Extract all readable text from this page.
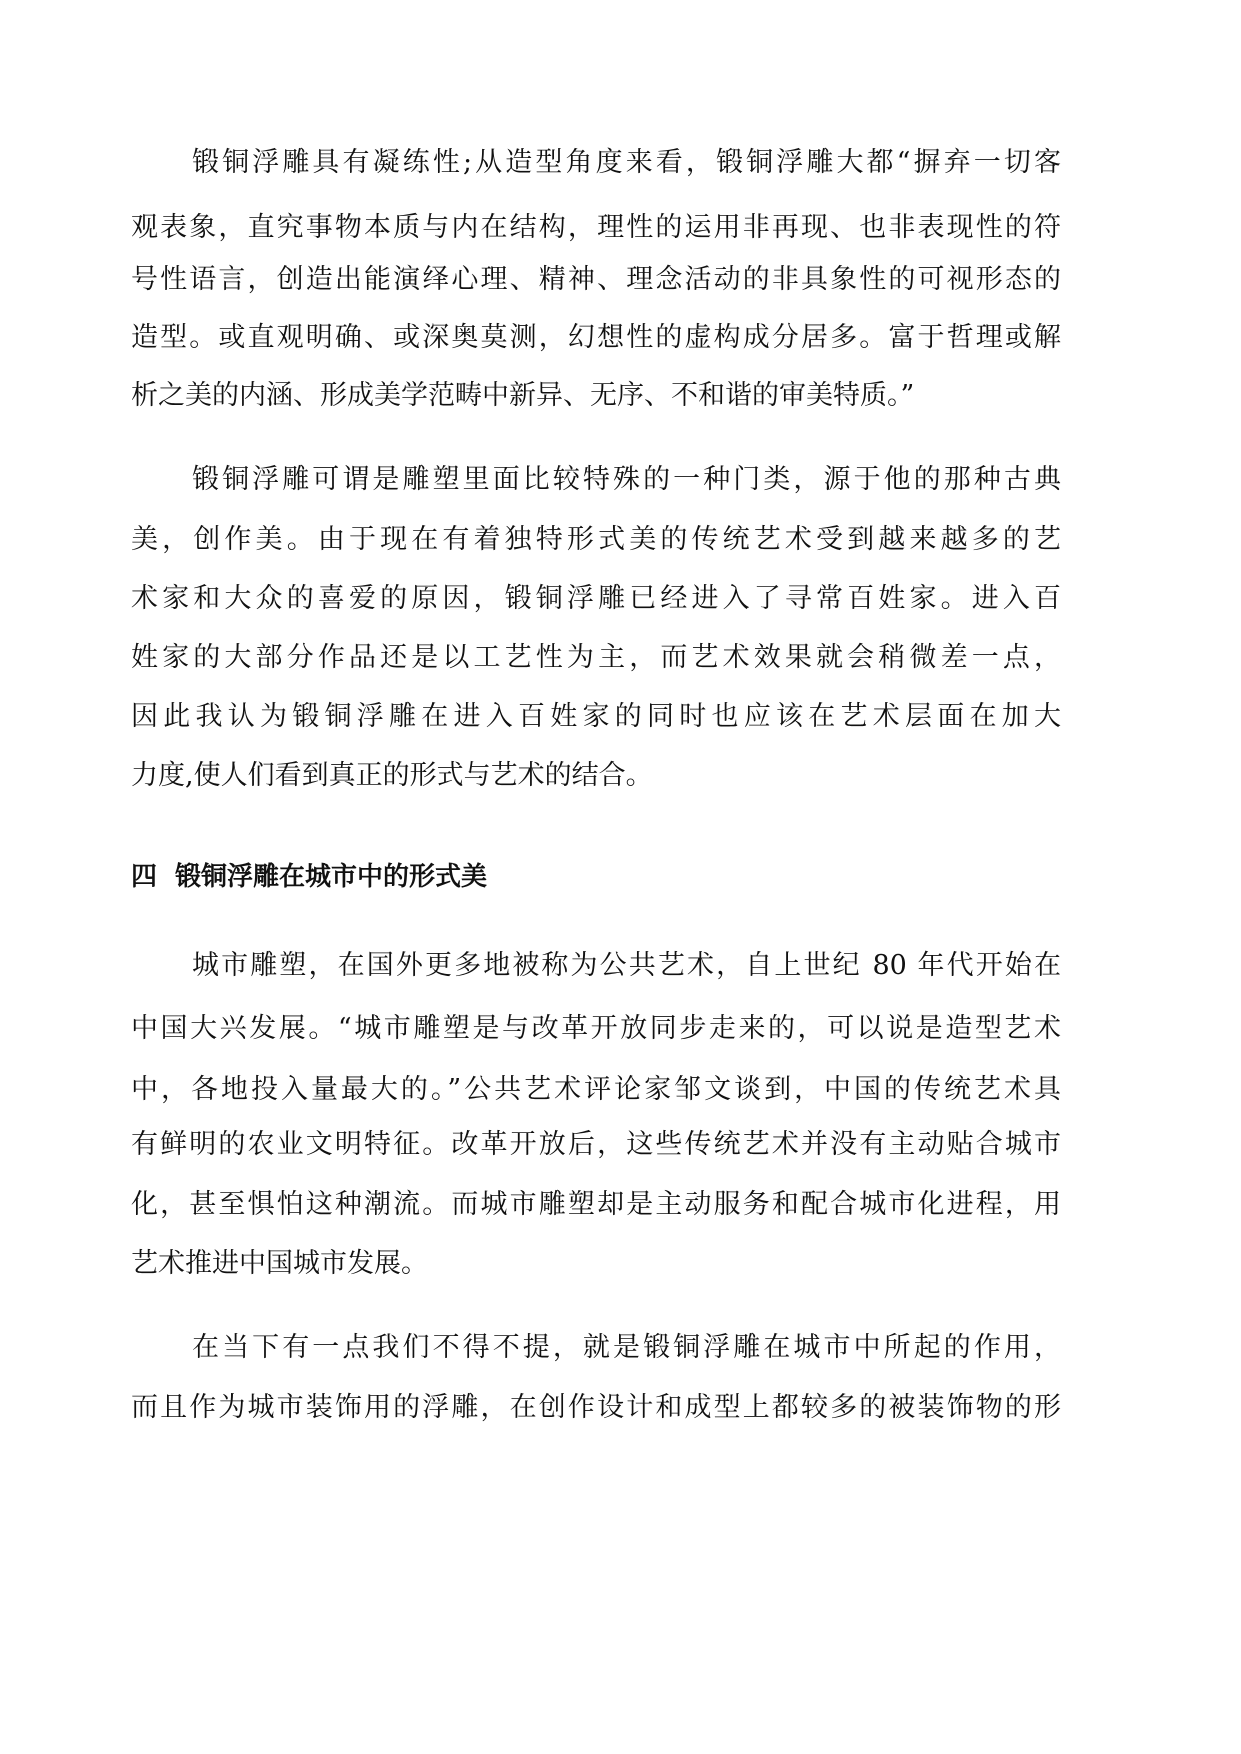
锻铜浮雕具有凝练性;从造型角度来看，锻铜浮雕大都“摒弃一切客
观表象，直究事物本质与内在结构，理性的运用非再现、也非表现性的符
号性语言，创造出能演绎心理、精神、理念活动的非具象性的可视形态的
造型。或直观明确、或深奥莫测，幻想性的虚构成分居多。富于哲理或解
析之美的内涵、形成美学范畴中新异、无序、不和谐的审美特质。”
锻铜浮雕可谓是雕塑里面比较特殊的一种门类，源于他的那种古典
美，创作美。由于现在有着独特形式美的传统艺术受到越来越多的艺
术家和大众的喜爱的原因，锻铜浮雕已经进入了寻常百姓家。进入百
姓家的大部分作品还是以工艺性为主，而艺术效果就会稍微差一点，
因此我认为锻铜浮雕在进入百姓家的同时也应该在艺术层面在加大
力度,使人们看到真正的形式与艺术的结合。
四 锻铜浮雕在城市中的形式美
城市雕塑，在国外更多地被称为公共艺术，自上世纪 80 年代开始在
中国大兴发展。“城市雕塑是与改革开放同步走来的，可以说是造型艺术
中，各地投入量最大的。”公共艺术评论家邹文谈到，中国的传统艺术具
有鲜明的农业文明特征。改革开放后，这些传统艺术并没有主动贴合城市
化，甚至惧怕这种潮流。而城市雕塑却是主动服务和配合城市化进程，用
艺术推进中国城市发展。
在当下有一点我们不得不提，就是锻铜浮雕在城市中所起的作用，
而且作为城市装饰用的浮雕，在创作设计和成型上都较多的被装饰物的形
